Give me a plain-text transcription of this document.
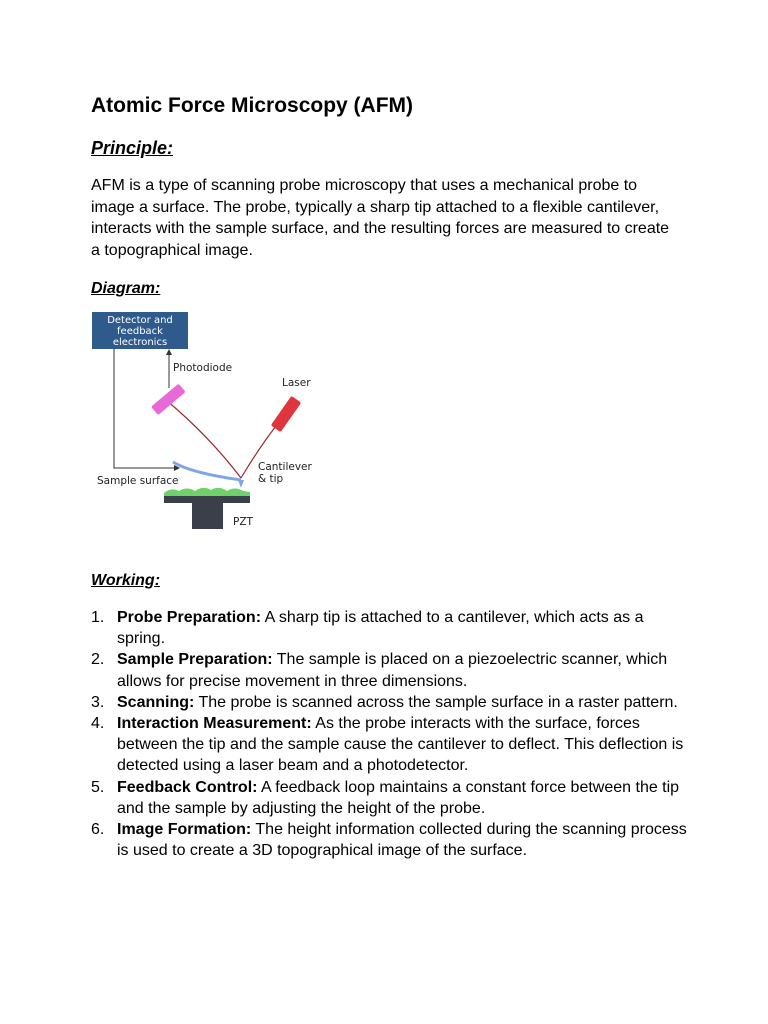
Atomic Force Microscopy (AFM)
Principle:

AFM is a type of scanning probe microscopy that uses a mechanical probe to image a surface. The probe, typically a sharp tip attached to a flexible cantilever, interacts with the sample surface, and the resulting forces are measured to create a topographical image.

Diagram:
Detector and
feedback
electronics
Photodiode
Laser
Cantilever
& tip
Sample surface
PZT
Working:
1. Probe Preparation: A sharp tip is attached to a cantilever, which acts as a spring.
2. Sample Preparation: The sample is placed on a piezoelectric scanner, which allows for precise movement in three dimensions.
3. Scanning: The probe is scanned across the sample surface in a raster pattern.
4. Interaction Measurement: As the probe interacts with the surface, forces between the tip and the sample cause the cantilever to deflect. This deflection is detected using a laser beam and a photodetector.
5. Feedback Control: A feedback loop maintains a constant force between the tip and the sample by adjusting the height of the probe.
6. Image Formation: The height information collected during the scanning process is used to create a 3D topographical image of the surface.
